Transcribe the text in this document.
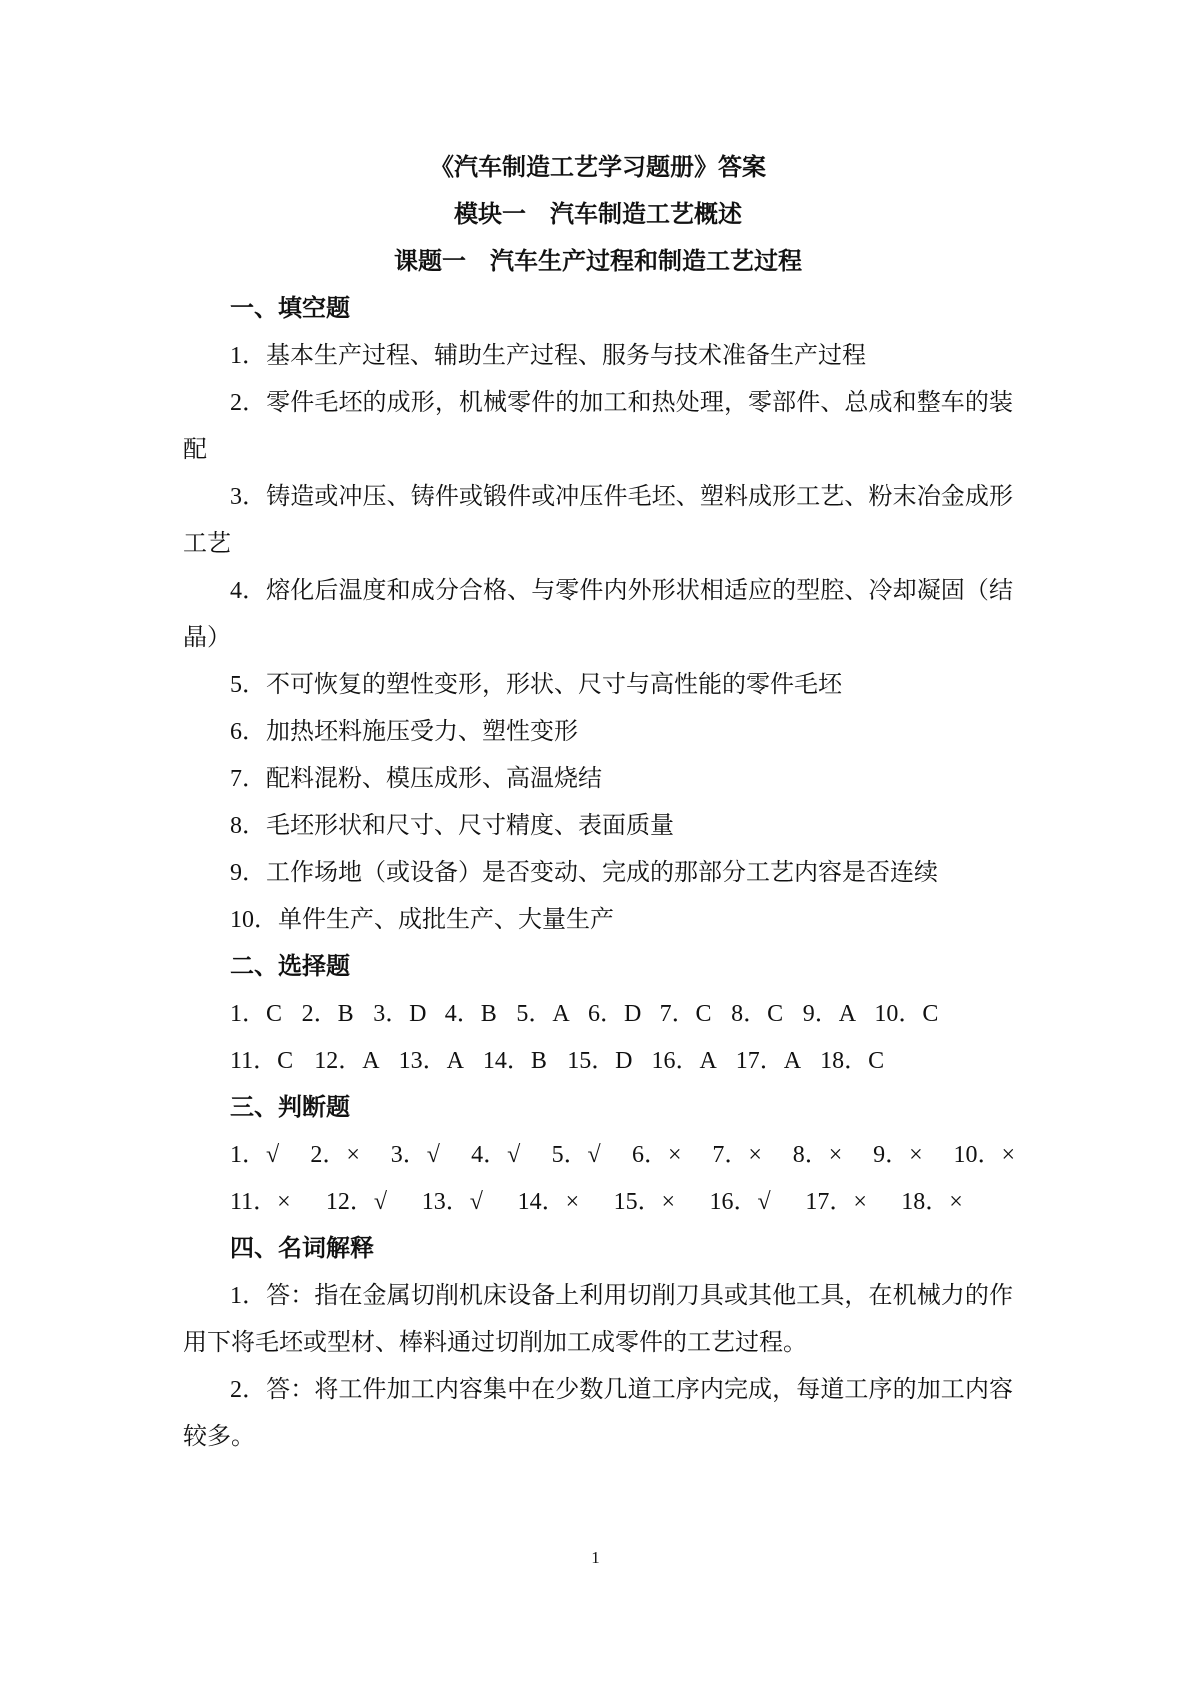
《汽车制造工艺学习题册》答案
模块一　汽车制造工艺概述
课题一　汽车生产过程和制造工艺过程
一、填空题
1．基本生产过程、辅助生产过程、服务与技术准备生产过程
2．零件毛坯的成形，机械零件的加工和热处理，零部件、总成和整车的装
配
3．铸造或冲压、铸件或锻件或冲压件毛坯、塑料成形工艺、粉末冶金成形
工艺
4．熔化后温度和成分合格、与零件内外形状相适应的型腔、冷却凝固（结
晶）
5．不可恢复的塑性变形，形状、尺寸与高性能的零件毛坯
6．加热坯料施压受力、塑性变形
7．配料混粉、模压成形、高温烧结
8．毛坯形状和尺寸、尺寸精度、表面质量
9．工作场地（或设备）是否变动、完成的那部分工艺内容是否连续
10．单件生产、成批生产、大量生产
二、选择题
1．C 2．B 3．D 4．B 5．A 6．D 7．C 8．C 9．A 10．C
11．C 12．A 13．A 14．B 15．D 16．A 17．A 18．C
三、判断题
1．√ 2．× 3．√ 4．√ 5．√ 6．× 7．× 8．× 9．× 10．×
11．× 12．√ 13．√ 14．× 15．× 16．√ 17．× 18．×
四、名词解释
1．答：指在金属切削机床设备上利用切削刀具或其他工具，在机械力的作
用下将毛坯或型材、棒料通过切削加工成零件的工艺过程。
2．答：将工件加工内容集中在少数几道工序内完成，每道工序的加工内容
较多。
1
